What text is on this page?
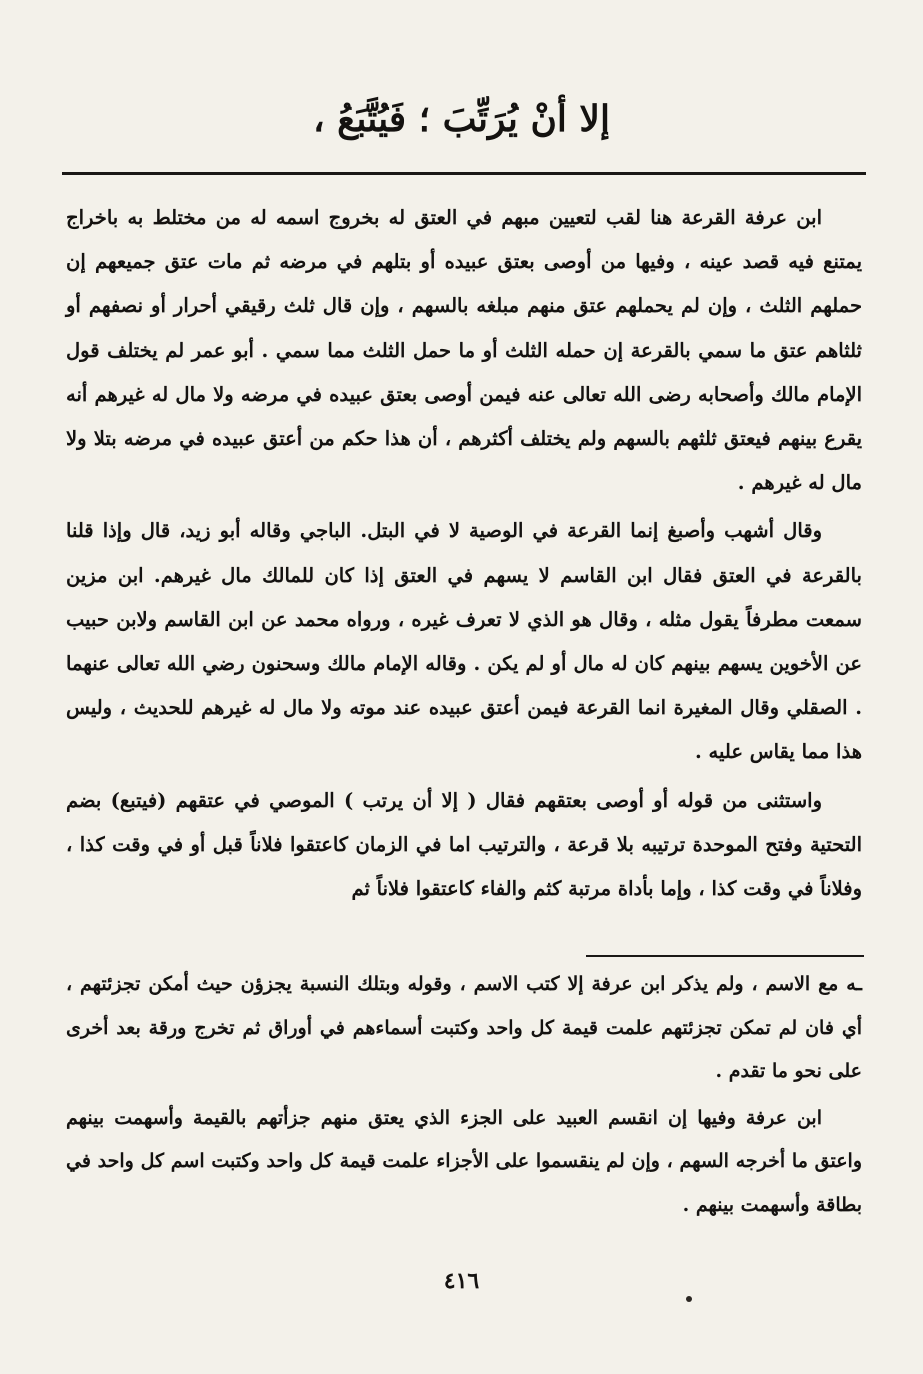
إلا أنْ يُرَتِّبَ ؛ فَيُتَّبَعُ ،

ابن عرفة القرعة هنا لقب لتعيين مبهم في العتق له بخروج اسمه له من مختلط به باخراج يمتنع فيه قصد عينه ، وفيها من أوصى بعتق عبيده أو بتلهم في مرضه ثم مات عتق جميعهم إن حملهم الثلث ، وإن لم يحملهم عتق منهم مبلغه بالسهم ، وإن قال ثلث رقيقي أحرار أو نصفهم أو ثلثاهم عتق ما سمي بالقرعة إن حمله الثلث أو ما حمل الثلث مما سمي . أبو عمر لم يختلف قول الإمام مالك وأصحابه رضى الله تعالى عنه فيمن أوصى بعتق عبيده في مرضه ولا مال له غيرهم أنه يقرع بينهم فيعتق ثلثهم بالسهم ولم يختلف أكثرهم ، أن هذا حكم من أعتق عبيده في مرضه بتلا ولا مال له غيرهم .

وقال أشهب وأصبغ إنما القرعة في الوصية لا في البتل. الباجي وقاله أبو زيد، قال وإذا قلنا بالقرعة في العتق فقال ابن القاسم لا يسهم في العتق إذا كان للمالك مال غيرهم. ابن مزين سمعت مطرفاً يقول مثله ، وقال هو الذي لا تعرف غيره ، ورواه محمد عن ابن القاسم ولابن حبيب عن الأخوين يسهم بينهم كان له مال أو لم يكن . وقاله الإمام مالك وسحنون رضي الله تعالى عنهما . الصقلي وقال المغيرة انما القرعة فيمن أعتق عبيده عند موته ولا مال له غيرهم للحديث ، وليس هذا مما يقاس عليه .

واستثنى من قوله أو أوصى بعتقهم فقال ( إلا أن يرتب ) الموصي في عتقهم (فيتبع) بضم التحتية وفتح الموحدة ترتيبه بلا قرعة ، والترتيب اما في الزمان كاعتقوا فلاناً قبل أو في وقت كذا ، وفلاناً في وقت كذا ، وإما بأداة مرتبة كثم والفاء كاعتقوا فلاناً ثم

ـه مع الاسم ، ولم يذكر ابن عرفة إلا كتب الاسم ، وقوله وبتلك النسبة يجزؤن حيث أمكن تجزئتهم ، أي فان لم تمكن تجزئتهم علمت قيمة كل واحد وكتبت أسماءهم في أوراق ثم تخرج ورقة بعد أخرى على نحو ما تقدم .

ابن عرفة وفيها إن انقسم العبيد على الجزء الذي يعتق منهم جزأتهم بالقيمة وأسهمت بينهم واعتق ما أخرجه السهم ، وإن لم ينقسموا على الأجزاء علمت قيمة كل واحد وكتبت اسم كل واحد في بطاقة وأسهمت بينهم .

٤١٦
